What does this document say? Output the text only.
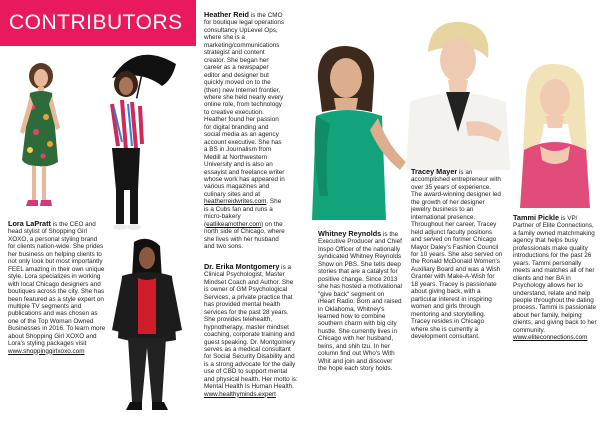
CONTRIBUTORS	Heather Reid is the CMO for boutique legal operations consultancy UpLevel Ops, where she is a marketing/communications strategist and content creator. She began her career as a newspaper editor and designer but quickly moved on to the (then) new Internet frontier, where she held nearly every online role, from technology to creative execution. Heather found her passion for digital branding and social media as an agency account executive. She has a BS in Journalism from Medill at Northwestern University and is also an essayist and freelance writer whose work has appeared in various magazines and culinary sites and at heatherreidwrites.com. She is a Cubs fan and runs a micro-bakery (eatlikeamother.com) on the north side of Chicago, where she lives with her husband and two sons.

Lora LaPratt is the CEO and head stylist of Shopping Girl XOXO, a personal styling brand for clients nation-wide. She prides her business on helping clients to not only look but most importantly FEEL amazing in their own unique style. Lora specializes in working with local Chicago designers and boutiques across the city. She has been featured as a style expert on multiple TV segments and publications and was chosen as one of the Top Woman Owned Businesses in 2016. To learn more about Shopping Girl XOXO and Lora's styling packages visit
www.shoppinggirlxoxo.com

Dr. Erika Montgomery is a Clinical Psychologist, Master Mindset Coach and Author. She is owner of GM Psychological Services, a private practice that has provided mental health services for the past 28 years. She provides telehealth, hypnotherapy, master mindset coaching, corporate training and guest speaking. Dr. Montgomery serves as a medical consultant for Social Security Disability and is a strong advocate for the daily use of CBD to support mental and physical health. Her motto is: Mental Health Is Human Health.
www.healthyminds.expert

Whitney Reynolds is the Executive Producer and Chief Inspo Officer of the nationally syndicated Whitney Reynolds Show on PBS. She tells deep stories that are a catalyst for positive change. Since 2013 she has hosted a motivational "give back" segment on iHeart Radio. Born and raised in Oklahoma, Whitney's learned how to combine southern charm with big city hustle. She currently lives in Chicago with her husband, twins, and shih tzu. In her column find out Who's With Whit and join and discover the hope each story holds.

Tracey Mayer is an accomplished entrepreneur with over 35 years of experience. The award-winning designer led the growth of her designer jewelry business to an international presence. Throughout her career, Tracey held adjunct faculty positions and served on former Chicago Mayor Daley's Fashion Council for 10 years. She also served on the Ronald McDonald Women's Auxiliary Board and was a Wish Granter with Make-A-Wish for 18 years. Tracey is passionate about giving back, with a particular interest in inspiring women and girls through mentoring and storytelling. Tracey resides in Chicago where she is currently a development consultant.

Tammi Pickle is VP/ Partner of Elite Connections, a family owned matchmaking agency that helps busy professionals make quality introductions for the past 26 years. Tammi personally meets and matches all of her clients and her BA in Psychology allows her to understand, relate and help people throughout the dating process. Tammi is passionate about her family, helping clients, and giving back to her community.
www.eliteconnections.com
